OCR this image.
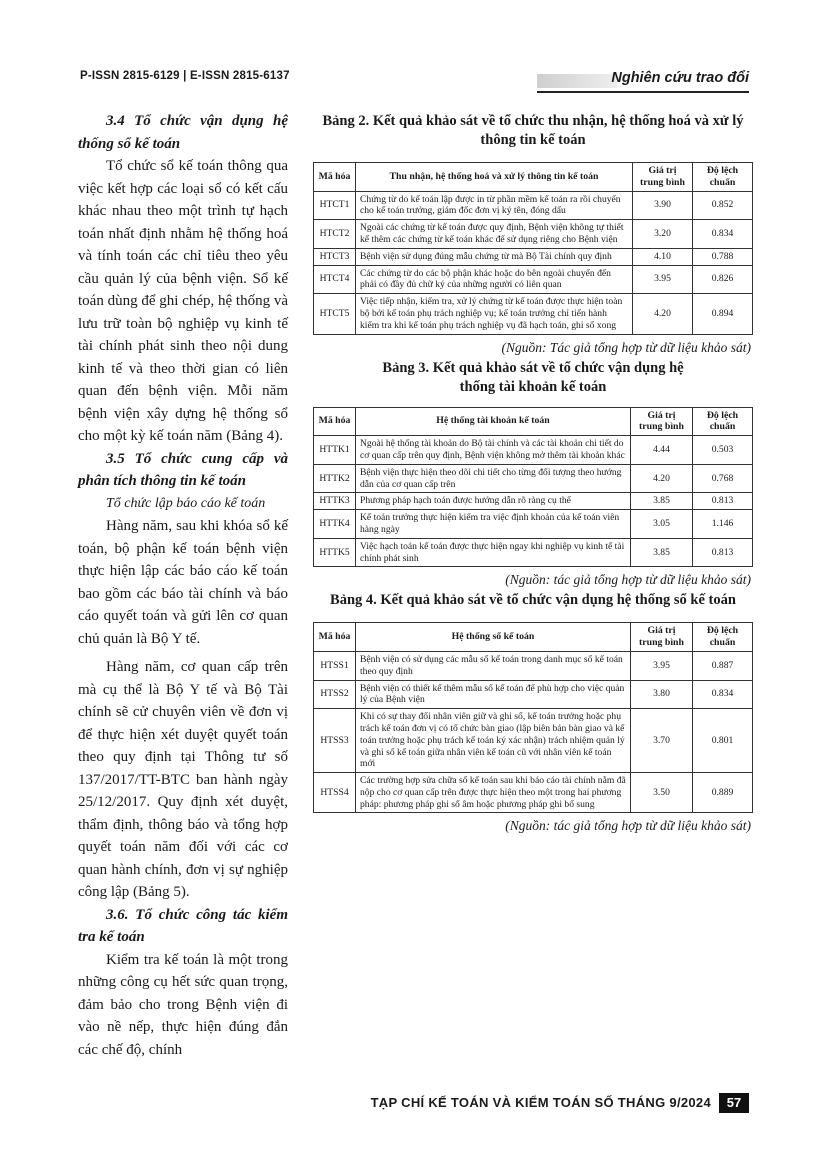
P-ISSN 2815-6129 | E-ISSN 2815-6137	Nghiên cứu trao đổi

3.4 Tổ chức vận dụng hệ thống sổ kế toán

Tổ chức sổ kế toán thông qua việc kết hợp các loại sổ có kết cấu khác nhau theo một trình tự hạch toán nhất định nhằm hệ thống hoá và tính toán các chỉ tiêu theo yêu cầu quản lý của bệnh viện. Sổ kế toán dùng để ghi chép, hệ thống và lưu trữ toàn bộ nghiệp vụ kinh tế tài chính phát sinh theo nội dung kinh tế và theo thời gian có liên quan đến bệnh viện. Mỗi năm bệnh viện xây dựng hệ thống sổ cho một kỳ kế toán năm (Bảng 4).

3.5 Tổ chức cung cấp và phân tích thông tin kế toán

Tổ chức lập báo cáo kế toán

Hàng năm, sau khi khóa sổ kế toán, bộ phận kế toán bệnh viện thực hiện lập các báo cáo kế toán bao gồm các báo tài chính và báo cáo quyết toán và gửi lên cơ quan chủ quản là Bộ Y tế.

Hàng năm, cơ quan cấp trên mà cụ thể là Bộ Y tế và Bộ Tài chính sẽ cử chuyên viên về đơn vị để thực hiện xét duyệt quyết toán theo quy định tại Thông tư số 137/2017/TT-BTC ban hành ngày 25/12/2017. Quy định xét duyệt, thẩm định, thông báo và tổng hợp quyết toán năm đối với các cơ quan hành chính, đơn vị sự nghiệp công lập (Bảng 5).

3.6. Tổ chức công tác kiểm tra kế toán

Kiểm tra kế toán là một trong những công cụ hết sức quan trọng, đảm bảo cho trong Bệnh viện đi vào nề nếp, thực hiện đúng đắn các chế độ, chính

Bảng 2. Kết quả khảo sát về tổ chức thu nhận, hệ thống hoá và xử lý thông tin kế toán

Mã hóa	Thu nhận, hệ thống hoá và xử lý thông tin kế toán	Giá trị trung bình	Độ lệch chuẩn
HTCT1	Chứng từ do kế toán lập được in từ phần mềm kế toán ra rồi chuyển cho kế toán trưởng, giám đốc đơn vị ký tên, đóng dấu	3.90	0.852
HTCT2	Ngoài các chứng từ kế toán được quy định, Bệnh viện không tự thiết kế thêm các chứng từ kế toán khác để sử dụng riêng cho Bệnh viện	3.20	0.834
HTCT3	Bệnh viện sử dụng đúng mẫu chứng từ mà Bộ Tài chính quy định	4.10	0.788
HTCT4	Các chứng từ do các bộ phận khác hoặc do bên ngoài chuyển đến phải có đầy đủ chữ ký của những người có liên quan	3.95	0.826
HTCT5	Việc tiếp nhận, kiểm tra, xử lý chứng từ kế toán được thực hiện toàn bộ bởi kế toán phụ trách nghiệp vụ; kế toán trưởng chỉ tiến hành kiểm tra khi kế toán phụ trách nghiệp vụ đã hạch toán, ghi sổ xong	4.20	0.894

(Nguồn: Tác giả tổng hợp từ dữ liệu khảo sát)

Bảng 3. Kết quả khảo sát về tổ chức vận dụng hệ thống tài khoản kế toán

Mã hóa	Hệ thống tài khoản kế toán	Giá trị trung bình	Độ lệch chuẩn
HTTK1	Ngoài hệ thống tài khoản do Bộ tài chính và các tài khoản chi tiết do cơ quan cấp trên quy định, Bệnh viện không mở thêm tài khoản khác	4.44	0.503
HTTK2	Bệnh viện thực hiện theo dõi chi tiết cho từng đối tượng theo hướng dẫn của cơ quan cấp trên	4.20	0.768
HTTK3	Phương pháp hạch toán được hướng dẫn rõ ràng cụ thể	3.85	0.813
HTTK4	Kế toán trưởng thực hiện kiểm tra việc định khoản của kế toán viên hàng ngày	3.05	1.146
HTTK5	Việc hạch toán kế toán được thực hiện ngay khi nghiệp vụ kinh tế tài chính phát sinh	3.85	0.813

(Nguồn: tác giả tổng hợp từ dữ liệu khảo sát)

Bảng 4. Kết quả khảo sát về tổ chức vận dụng hệ thống sổ kế toán

Mã hóa	Hệ thống sổ kế toán	Giá trị trung bình	Độ lệch chuẩn
HTSS1	Bệnh viện có sử dụng các mẫu sổ kế toán trong danh mục sổ kế toán theo quy định	3.95	0.887
HTSS2	Bệnh viện có thiết kế thêm mẫu sổ kế toán để phù hợp cho việc quản lý của Bệnh viện	3.80	0.834
HTSS3	Khi có sự thay đổi nhân viên giữ và ghi sổ, kế toán trưởng hoặc phụ trách kế toán đơn vị có tổ chức bàn giao (lập biên bản bàn giao và kế toán trưởng hoặc phụ trách kế toán ký xác nhận) trách nhiệm quản lý và ghi sổ kế toán giữa nhân viên kế toán cũ với nhân viên kế toán mới	3.70	0.801
HTSS4	Các trường hợp sửa chữa sổ kế toán sau khi báo cáo tài chính nằm đã nộp cho cơ quan cấp trên được thực hiện theo một trong hai phương pháp: phương pháp ghi số âm hoặc phương pháp ghi bổ sung	3.50	0.889

(Nguồn: tác giả tổng hợp từ dữ liệu khảo sát)

TẠP CHÍ KẾ TOÁN VÀ KIỂM TOÁN SỐ THÁNG 9/2024	57
